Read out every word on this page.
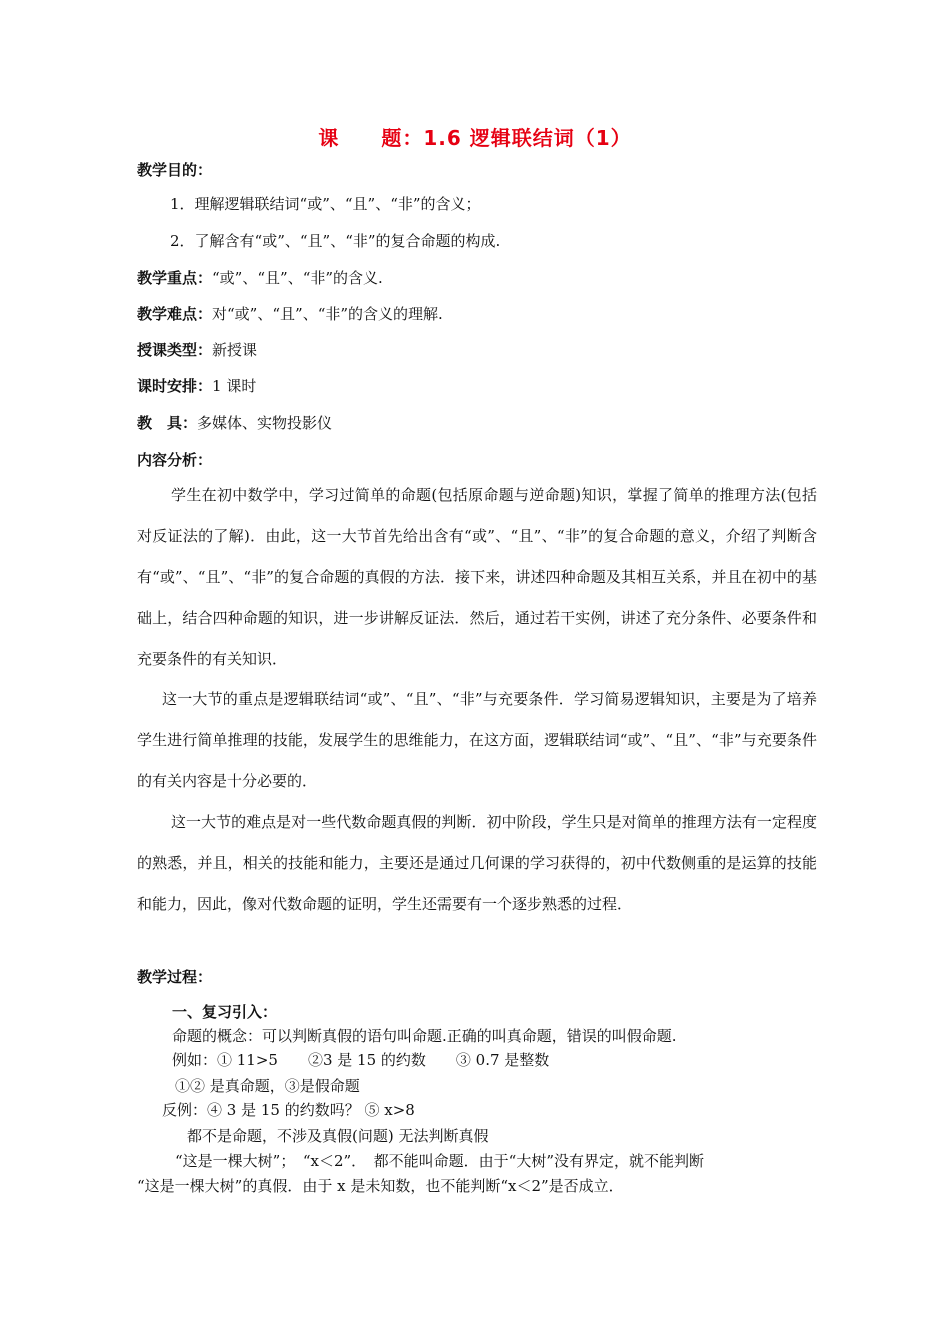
课　　题：1.6 逻辑联结词（1）
教学目的：
1．理解逻辑联结词“或”、“且”、“非”的含义；
2．了解含有“或”、“且”、“非”的复合命题的构成.
教学重点：“或”、“且”、“非”的含义.
教学难点：对“或”、“且”、“非”的含义的理解.
授课类型：新授课
课时安排：1 课时
教　具：多媒体、实物投影仪
内容分析：
学生在初中数学中，学习过简单的命题(包括原命题与逆命题)知识，掌握了简单的推理方法(包括对反证法的了解)．由此，这一大节首先给出含有“或”、“且”、“非”的复合命题的意义，介绍了判断含有“或”、“且”、“非”的复合命题的真假的方法．接下来，讲述四种命题及其相互关系，并且在初中的基础上，结合四种命题的知识，进一步讲解反证法．然后，通过若干实例，讲述了充分条件、必要条件和充要条件的有关知识．
这一大节的重点是逻辑联结词“或”、“且”、“非”与充要条件．学习简易逻辑知识，主要是为了培养学生进行简单推理的技能，发展学生的思维能力，在这方面，逻辑联结词“或”、“且”、“非”与充要条件的有关内容是十分必要的．
这一大节的难点是对一些代数命题真假的判断．初中阶段，学生只是对简单的推理方法有一定程度的熟悉，并且，相关的技能和能力，主要还是通过几何课的学习获得的，初中代数侧重的是运算的技能和能力，因此，像对代数命题的证明，学生还需要有一个逐步熟悉的过程．
教学过程：
一、复习引入：
命题的概念：可以判断真假的语句叫命题.正确的叫真命题，错误的叫假命题.
例如：① 11>5　　②3 是 15 的约数　　③ 0.7 是整数
①② 是真命题，③是假命题
反例：④ 3 是 15 的约数吗？ ⑤ x>8
都不是命题，不涉及真假(问题) 无法判断真假
“这是一棵大树”；　“x＜2”．　都不能叫命题．由于“大树”没有界定，就不能判断
“这是一棵大树”的真假．由于 x 是未知数，也不能判断“x＜2”是否成立．
